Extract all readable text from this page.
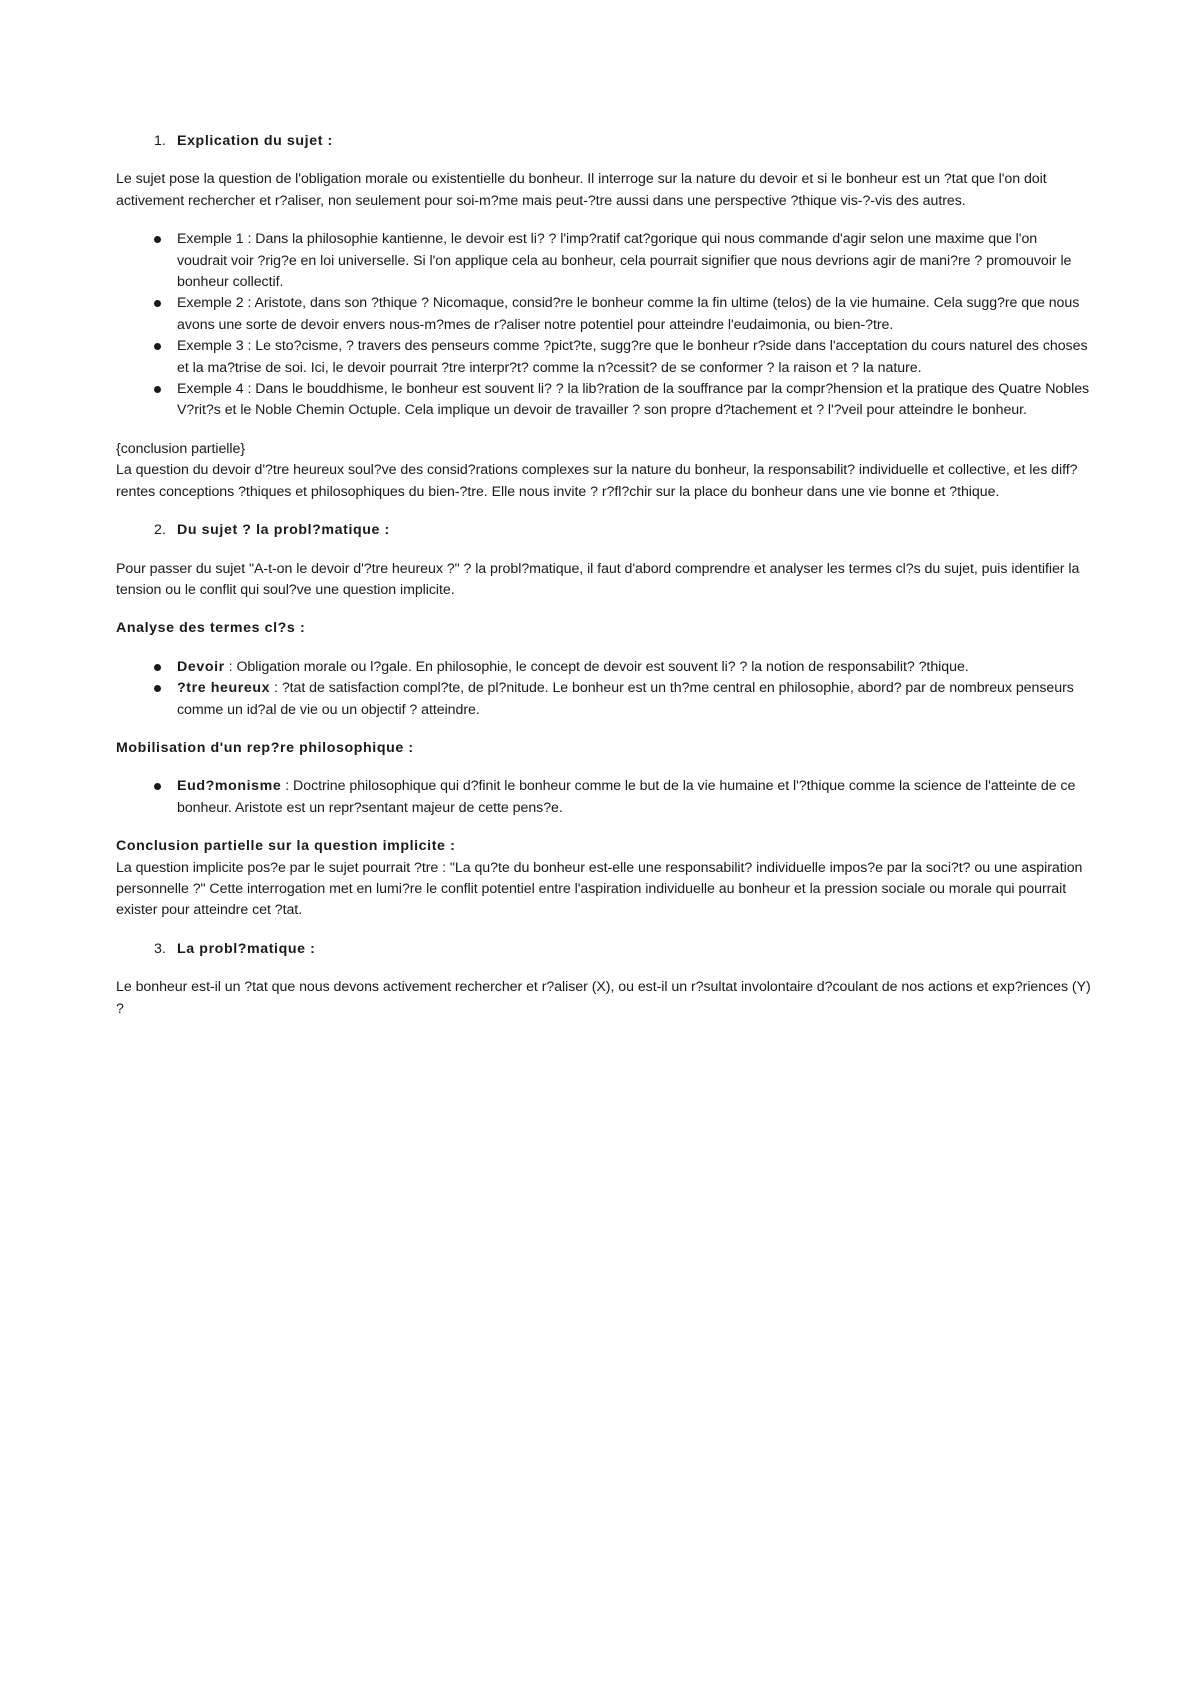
1. Explication du sujet :

Le sujet pose la question de l'obligation morale ou existentielle du bonheur. Il interroge sur la nature du devoir et si le bonheur est un ?tat que l'on doit activement rechercher et r?aliser, non seulement pour soi-m?me mais peut-?tre aussi dans une perspective ?thique vis-?-vis des autres.

Exemple 1 : Dans la philosophie kantienne, le devoir est li? ? l'imp?ratif cat?gorique qui nous commande d'agir selon une maxime que l'on voudrait voir ?rig?e en loi universelle. Si l'on applique cela au bonheur, cela pourrait signifier que nous devrions agir de mani?re ? promouvoir le bonheur collectif.
Exemple 2 : Aristote, dans son ?thique ? Nicomaque, consid?re le bonheur comme la fin ultime (telos) de la vie humaine. Cela sugg?re que nous avons une sorte de devoir envers nous-m?mes de r?aliser notre potentiel pour atteindre l'eudaimonia, ou bien-?tre.
Exemple 3 : Le sto?cisme, ? travers des penseurs comme ?pict?te, sugg?re que le bonheur r?side dans l'acceptation du cours naturel des choses et la ma?trise de soi. Ici, le devoir pourrait ?tre interpr?t? comme la n?cessit? de se conformer ? la raison et ? la nature.
Exemple 4 : Dans le bouddhisme, le bonheur est souvent li? ? la lib?ration de la souffrance par la compr?hension et la pratique des Quatre Nobles V?rit?s et le Noble Chemin Octuple. Cela implique un devoir de travailler ? son propre d?tachement et ? l'?veil pour atteindre le bonheur.

{conclusion partielle}

La question du devoir d'?tre heureux soul?ve des consid?rations complexes sur la nature du bonheur, la responsabilit? individuelle et collective, et les diff?rentes conceptions ?thiques et philosophiques du bien-?tre. Elle nous invite ? r?fl?chir sur la place du bonheur dans une vie bonne et ?thique.

2. Du sujet ? la probl?matique :

Pour passer du sujet "A-t-on le devoir d'?tre heureux ?" ? la probl?matique, il faut d'abord comprendre et analyser les termes cl?s du sujet, puis identifier la tension ou le conflit qui soul?ve une question implicite.

Analyse des termes cl?s :

Devoir : Obligation morale ou l?gale. En philosophie, le concept de devoir est souvent li? ? la notion de responsabilit? ?thique.
?tre heureux : ?tat de satisfaction compl?te, de pl?nitude. Le bonheur est un th?me central en philosophie, abord? par de nombreux penseurs comme un id?al de vie ou un objectif ? atteindre.

Mobilisation d'un rep?re philosophique :

Eud?monisme : Doctrine philosophique qui d?finit le bonheur comme le but de la vie humaine et l'?thique comme la science de l'atteinte de ce bonheur. Aristote est un repr?sentant majeur de cette pens?e.

Conclusion partielle sur la question implicite :

La question implicite pos?e par le sujet pourrait ?tre : "La qu?te du bonheur est-elle une responsabilit? individuelle impos?e par la soci?t? ou une aspiration personnelle ?" Cette interrogation met en lumi?re le conflit potentiel entre l'aspiration individuelle au bonheur et la pression sociale ou morale qui pourrait exister pour atteindre cet ?tat.

3. La probl?matique :

Le bonheur est-il un ?tat que nous devons activement rechercher et r?aliser (X), ou est-il un r?sultat involontaire d?coulant de nos actions et exp?riences (Y) ?
